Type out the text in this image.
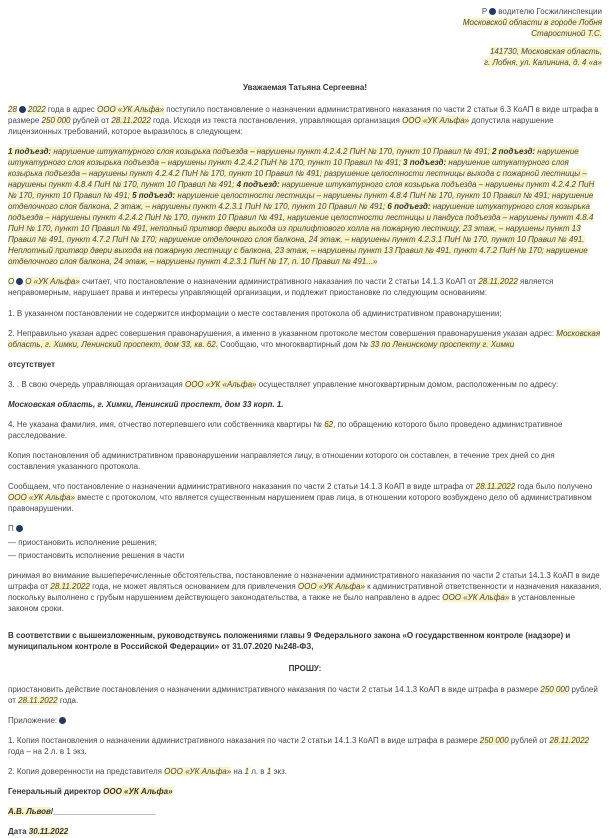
Р водителю Госжилинспекции

Московской области в городе Лобня

Старостиной Т.С.

141730, Московская область,

г. Лобня, ул. Калинина, д. 4 «а»

Уважаемая Татьяна Сергеевна!

28 2022 года в адрес ООО «УК Альфа» поступило постановление о назначении административного наказания по части 2 статьи 6.3 КоАП в виде штрафа в размере 250 000 рублей от 28.11.2022 года. Исходя из текста постановления, управляющая организация ООО «УК Альфа» допустила нарушение лицензионных требований, которое выразилось в следующем:

1 подъезд: нарушение штукатурного слоя козырька подъезда – нарушены пункт 4.2.4.2 ПиН № 170, пункт 10 Правил № 491; 2 подъезд: нарушение штукатурного слоя козырька подъезда – нарушены пункт 4.2.4.2 ПиН № 170, пункт 10 Правил № 491; 3 подъезд: нарушение штукатурного слоя козырька подъезда – нарушены пункт 4.2.4.2 ПиН № 170, пункт 10 Правил № 491; разрушение целостности лестницы выхода с пожарной лестницы – нарушены пункт 4.8.4 ПиН № 170, пункт 10 Правил № 491; 4 подъезд: нарушение штукатурного слоя козырька подъезда – нарушены пункт 4.2.4.2 ПиН № 170, пункт 10 Правил № 491; 5 подъезд: нарушение целостности лестницы – нарушены пункт 4.8.4 ПиН № 170, пункт 10 Правил № 491; нарушение отделочного слоя балкона, 2 этаж, – нарушены пункт 4.2.3.1 ПиН № 170, пункт 10 Правил № 491; 6 подъезд: нарушение штукатурного слоя козырька подъезда – нарушены пункт 4.2.4.2 ПиН № 170, пункт 10 Правил № 491, нарушение целостности лестницы и пандуса подъезда – нарушены пункт 4.8.4 ПиН № 170, пункт 10 Правил № 491, неполный притвор двери выхода из прилифтового холла на пожарную лестницу, 23 этаж, – нарушены пункт 13 Правил № 491, пункт 4.7.2 ПиН № 170; нарушение отделочного слоя балкона, 24 этаж, – нарушены пункт 4.2.3.1 ПиН № 170, пункт 10 Правил № 491. Неплотный притвор двери выхода на пожарную лестницу с балкона, 23 этаж, – нарушены пункт 13 Правил № 491, пункт 4.7.2 ПиН № 170; нарушение отделочного слоя балкона, 24 этаж, – нарушены пункт 4.2.3.1 ПиН № 17, п. 10 Правил № 491...»

О О «УК Альфа» считает, что постановление о назначении административного наказания по части 2 статьи 14.1.3 КоАП от 28.11.2022 является неправомерным, нарушает права и интересы управляющей организации, и подлежит приостановке по следующим основаниям:

1. В указанном постановлении не содержится информации о месте составления протокола об административном правонарушении;

2. Неправильно указан адрес совершения правонарушения, а именно в указанном протоколе местом совершения правонарушения указан адрес: Московская область, г. Химки, Ленинский проспект, дом 33, кв. 62. Сообщаю, что многоквартирный дом № 33 по Ленинскому проспекту г. Химки

отсутствует

3. . В свою очередь управляющая организация ООО «УК «Альфа» осуществляет управление многоквартирным домом, расположенным по адресу:

Московская область, г. Химки, Ленинский проспект, дом 33 корп. 1.

4. Не указана фамилия, имя, отчество потерпевшего или собственника квартиры № 62, по обращению которого было проведено административное расследование.

Копия постановления об административном правонарушении направляется лицу, в отношении которого он составлен, в течение трех дней со дня составления указанного протокола.

Сообщаем, что постановление о назначении административного наказания по части 2 статьи 14.1.3 КоАП в виде штрафа от 28.11.2022 года было получено ООО «УК Альфа» вместе с протоколом, что является существенным нарушением прав лица, в отношении которого возбуждено дело об административном правонарушении.

П

— приостановить исполнение решения;

— приостановить исполнение решения в части

ринимая во внимание вышеперечисленные обстоятельства, постановление о назначении административного наказания по части 2 статьи 14.1.3 КоАП в виде штрафа от 28.11.2022 года, не может являться основанием для привлечения ООО «УК Альфа» к административной ответственности и назначения наказания, поскольку выполнено с грубым нарушением действующего законодательства, а также не было направлено в адрес ООО «УК Альфа» в установленные законом сроки.

В соответствии с вышеизложенным, руководствуясь положениями главы 9 Федерального закона «О государственном контроле (надзоре) и муниципальном контроле в Российской Федерации» от 31.07.2020 №248-ФЗ,

ПРОШУ:

приостановить действие постановления о назначении административного наказания по части 2 статьи 14.1.3 КоАП в виде штрафа в размере 250 000 рублей от 28.11.2022 года.

Приложение:

1. Копия постановления о назначении административного наказания по части 2 статьи 14.1.3 КоАП в виде штрафа в размере 250 000 рублей от 28.11.2022 года – на 2 л. в 1 экз.

2. Копия доверенности на представителя ООО «УК Альфа» на 1 л. в 1 экз.

Генеральный директор ООО «УК Альфа»

А.В. Львов/_______________________

Дата 30.11.2022
